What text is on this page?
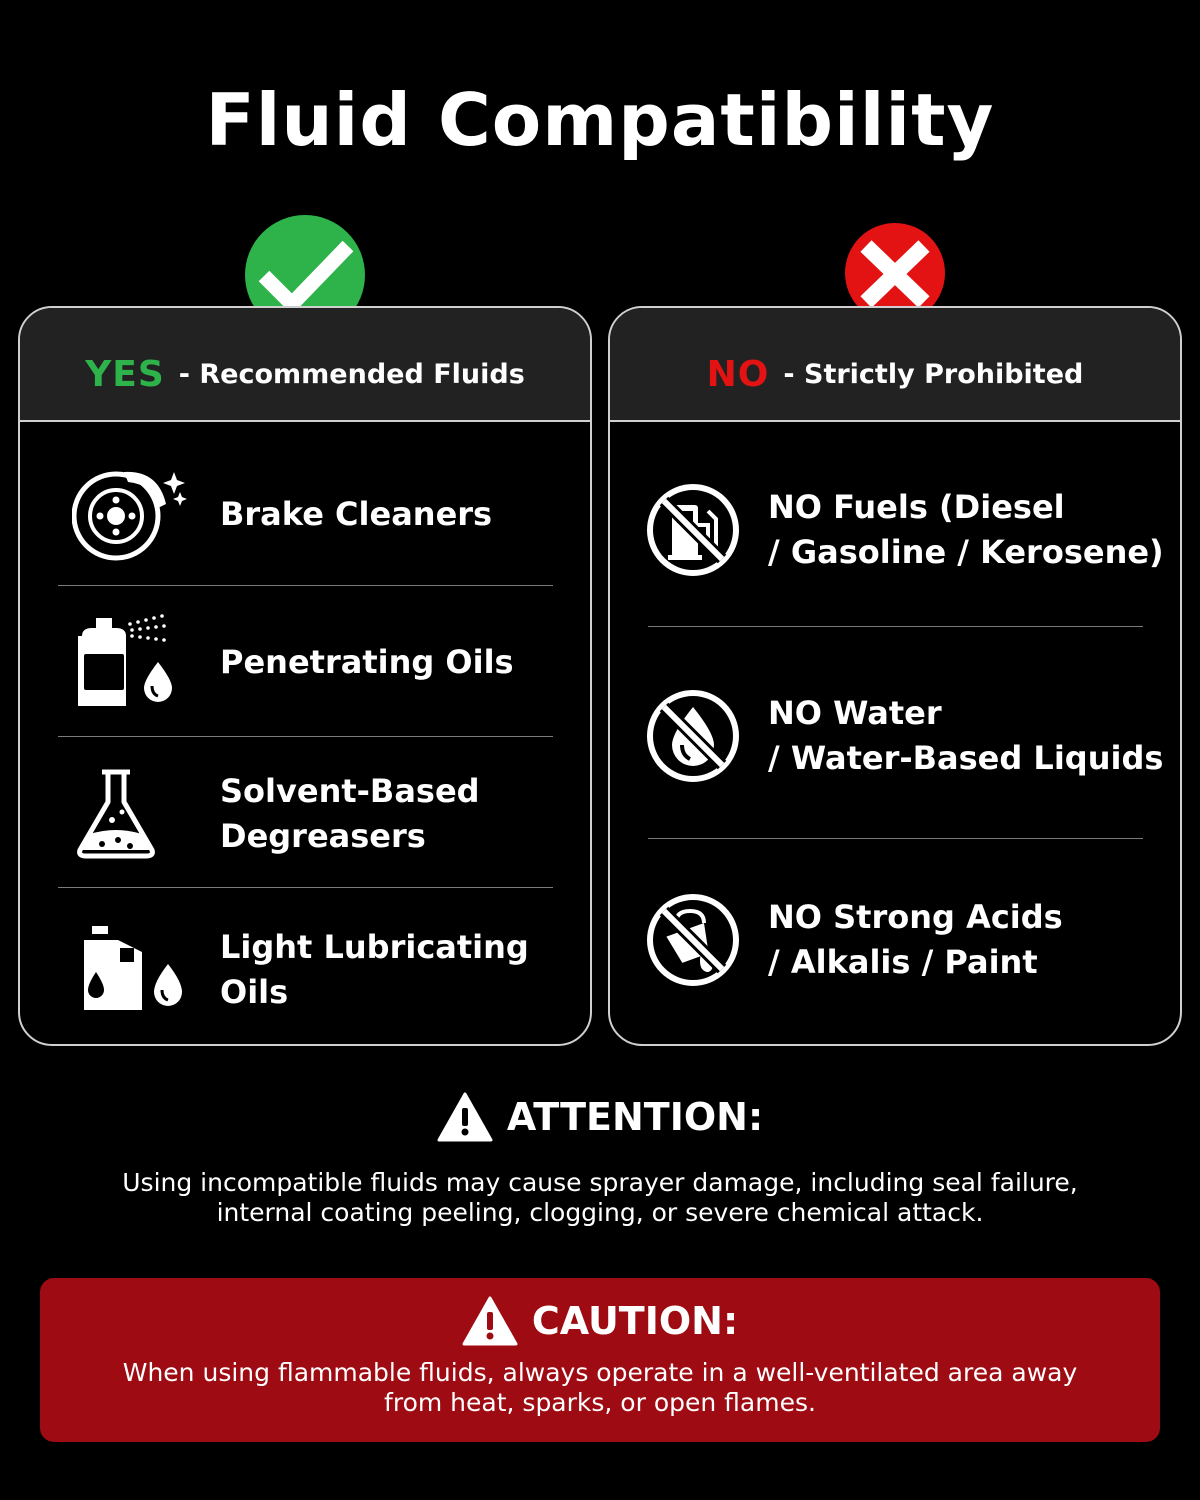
Fluid Compatibility
YES - Recommended Fluids
Brake Cleaners
Penetrating Oils
Solvent-Based
Degreasers
Light Lubricating
Oils
NO - Strictly Prohibited
NO Fuels (Diesel
/ Gasoline / Kerosene)
NO Water
/ Water-Based Liquids
NO Strong Acids
/ Alkalis / Paint
ATTENTION:
Using incompatible fluids may cause sprayer damage, including seal failure,
internal coating peeling, clogging, or severe chemical attack.
CAUTION:
When using flammable fluids, always operate in a well-ventilated area away
from heat, sparks, or open flames.
